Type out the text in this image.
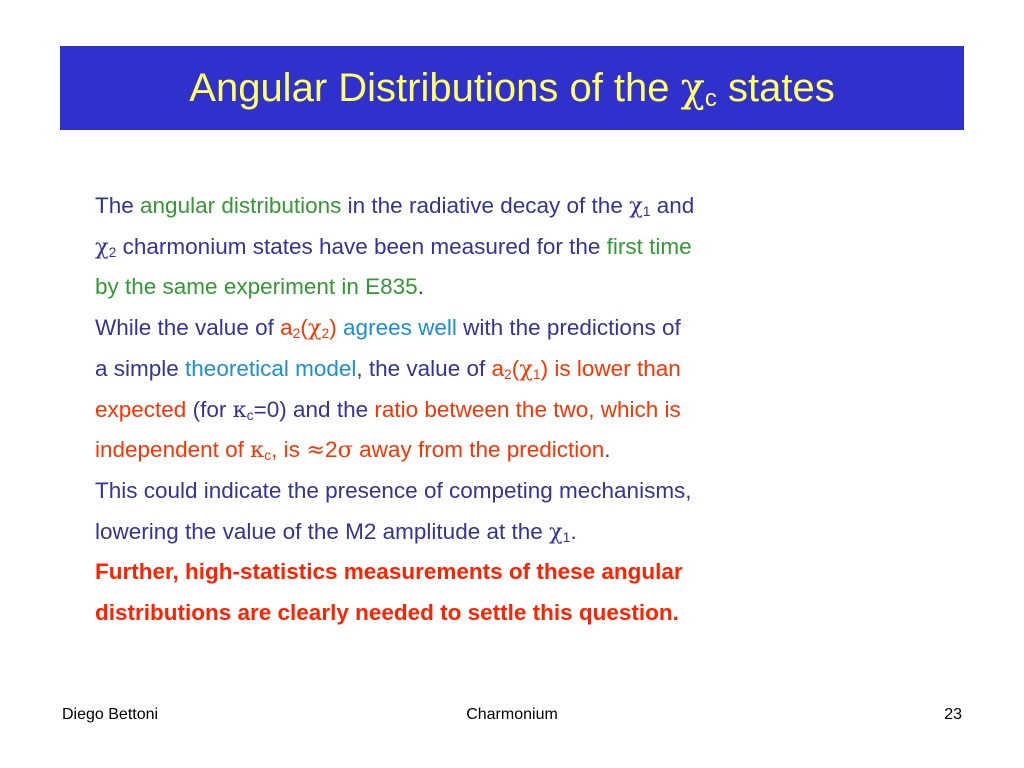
Angular Distributions of the $\chi_c$ states
The angular distributions in the radiative decay of the $\chi_1$ and
$\chi_2$ charmonium states have been measured for the first time
by the same experiment in E835.
While the value of $a_2(\chi_2)$ agrees well with the predictions of
a simple theoretical model, the value of $a_2(\chi_1)$ is lower than
expected (for $\kappa_c=0$) and the ratio between the two, which is
independent of $\kappa_c$, is ≈2σ away from the prediction.
This could indicate the presence of competing mechanisms,
lowering the value of the M2 amplitude at the $\chi_1$.
Further, high-statistics measurements of these angular
distributions are clearly needed to settle this question.
Diego Bettoni	Charmonium	23
